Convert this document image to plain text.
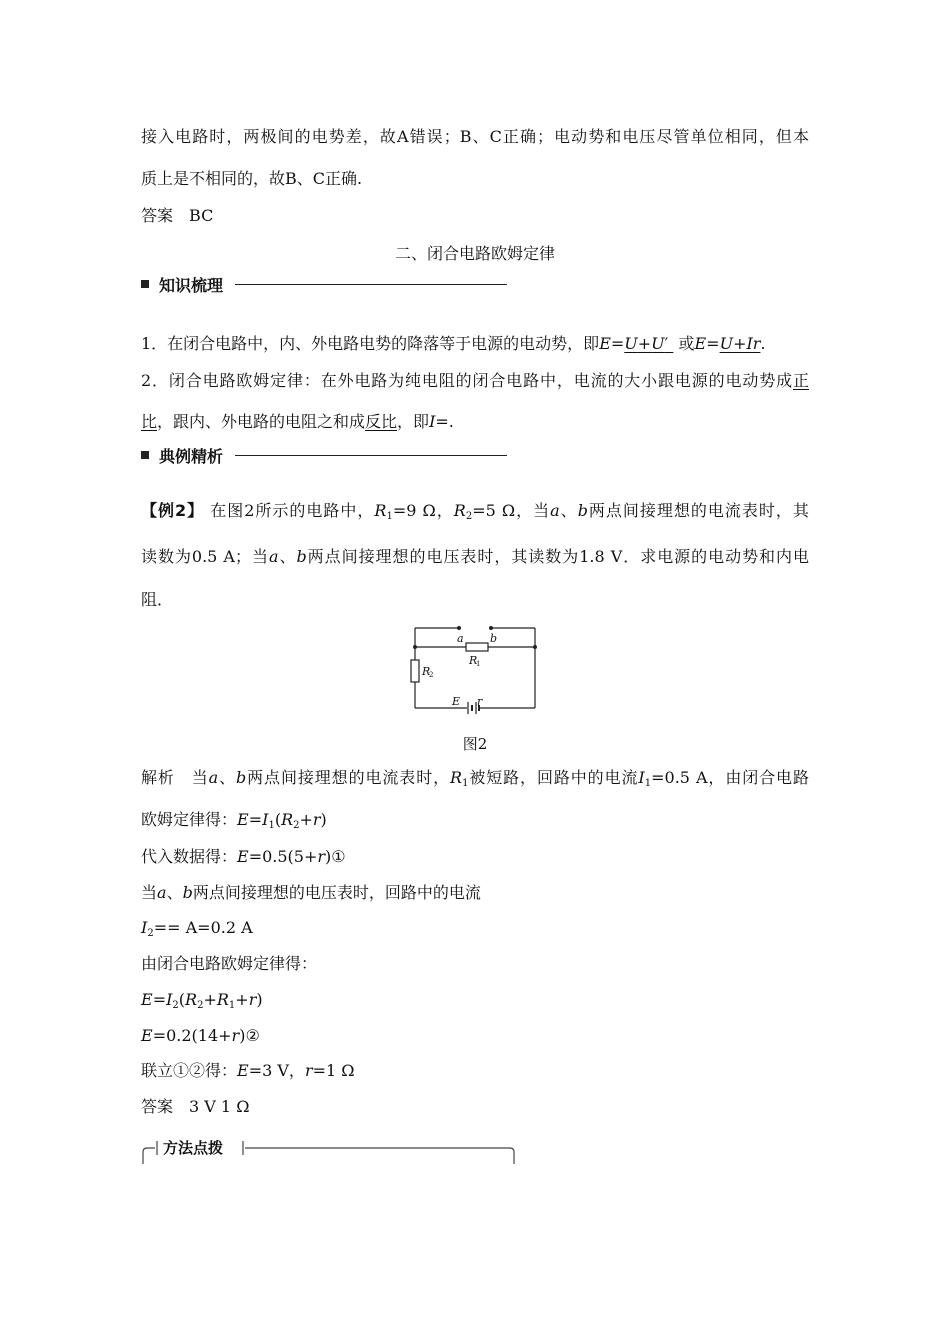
接入电路时，两极间的电势差，故A错误；B、C正确；电动势和电压尽管单位相同，但本
质上是不相同的，故B、C正确.
答案  BC
二、闭合电路欧姆定律
知识梳理
1．在闭合电路中，内、外电路电势的降落等于电源的电动势，即E=U+U′  或E=U+Ir.
2．闭合电路欧姆定律：在外电路为纯电阻的闭合电路中，电流的大小跟电源的电动势成正
比，跟内、外电路的电阻之和成反比，即I=.
典例精析
【例2】 在图2所示的电路中，$R_1=9$ Ω，$R_2=5$ Ω，当a、b两点间接理想的电流表时，其
读数为0.5 A；当a、b两点间接理想的电压表时，其读数为1.8 V．求电源的电动势和内电
阻．
a b
R
R
E r
1
2
图2
解析  当a、b两点间接理想的电流表时，$R_1$被短路，回路中的电流$I_1=0.5$ A，由闭合电路
欧姆定律得：$E=I_1(R_2+r)$
代入数据得：E=0.5(5+r)①
当a、b两点间接理想的电压表时，回路中的电流
$I_2== A=0.2$ A
由闭合电路欧姆定律得：
$E=I_2(R_2+R_1+r)$
E=0.2(14+r)②
联立①②得：E=3 V，r=1 Ω
答案  3 V 1 Ω
方法点拨
